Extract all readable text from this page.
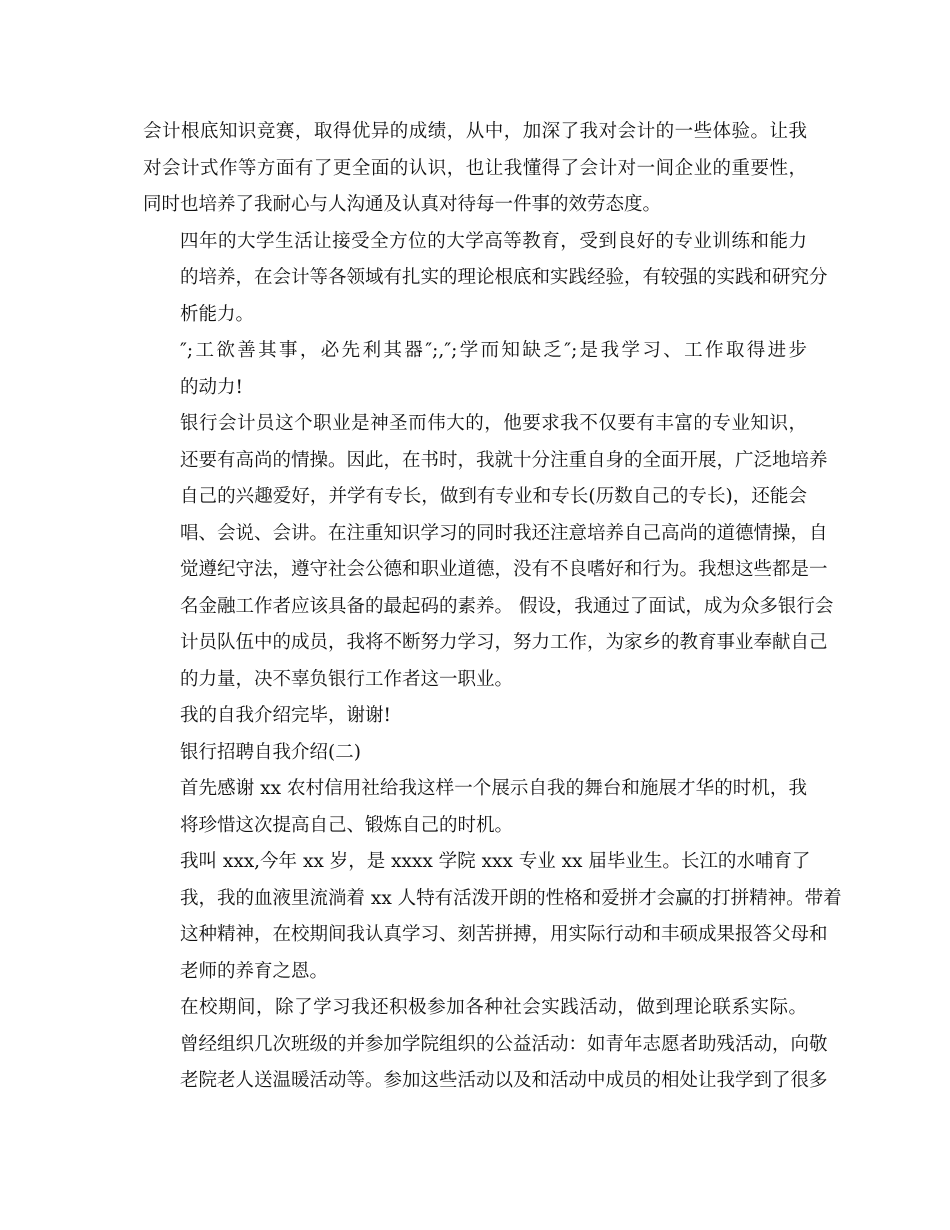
会计根底知识竞赛，取得优异的成绩，从中，加深了我对会计的一些体验。让我
对会计式作等方面有了更全面的认识，也让我懂得了会计对一间企业的重要性，
同时也培养了我耐心与人沟通及认真对待每一件事的效劳态度。

四年的大学生活让接受全方位的大学高等教育，受到良好的专业训练和能力
的培养，在会计等各领域有扎实的理论根底和实践经验，有较强的实践和研究分
析能力。

″;工欲善其事，必先利其器″;,″;学而知缺乏″;是我学习、工作取得进步
的动力!

银行会计员这个职业是神圣而伟大的，他要求我不仅要有丰富的专业知识，
还要有高尚的情操。因此，在书时，我就十分注重自身的全面开展，广泛地培养
自己的兴趣爱好，并学有专长，做到有专业和专长(历数自己的专长)，还能会
唱、会说、会讲。在注重知识学习的同时我还注意培养自己高尚的道德情操，自
觉遵纪守法，遵守社会公德和职业道德，没有不良嗜好和行为。我想这些都是一
名金融工作者应该具备的最起码的素养。 假设，我通过了面试，成为众多银行会
计员队伍中的成员，我将不断努力学习，努力工作，为家乡的教育事业奉献自己
的力量，决不辜负银行工作者这一职业。

我的自我介绍完毕，谢谢!

银行招聘自我介绍(二)

首先感谢 xx 农村信用社给我这样一个展示自我的舞台和施展才华的时机，我
将珍惜这次提高自己、锻炼自己的时机。

我叫 xxx,今年 xx 岁，是 xxxx 学院 xxx 专业 xx 届毕业生。长江的水哺育了
我，我的血液里流淌着 xx 人特有活泼开朗的性格和爱拼才会赢的打拼精神。带着
这种精神，在校期间我认真学习、刻苦拼搏，用实际行动和丰硕成果报答父母和
老师的养育之恩。

在校期间，除了学习我还积极参加各种社会实践活动，做到理论联系实际。
曾经组织几次班级的并参加学院组织的公益活动：如青年志愿者助残活动，向敬
老院老人送温暖活动等。参加这些活动以及和活动中成员的相处让我学到了很多
